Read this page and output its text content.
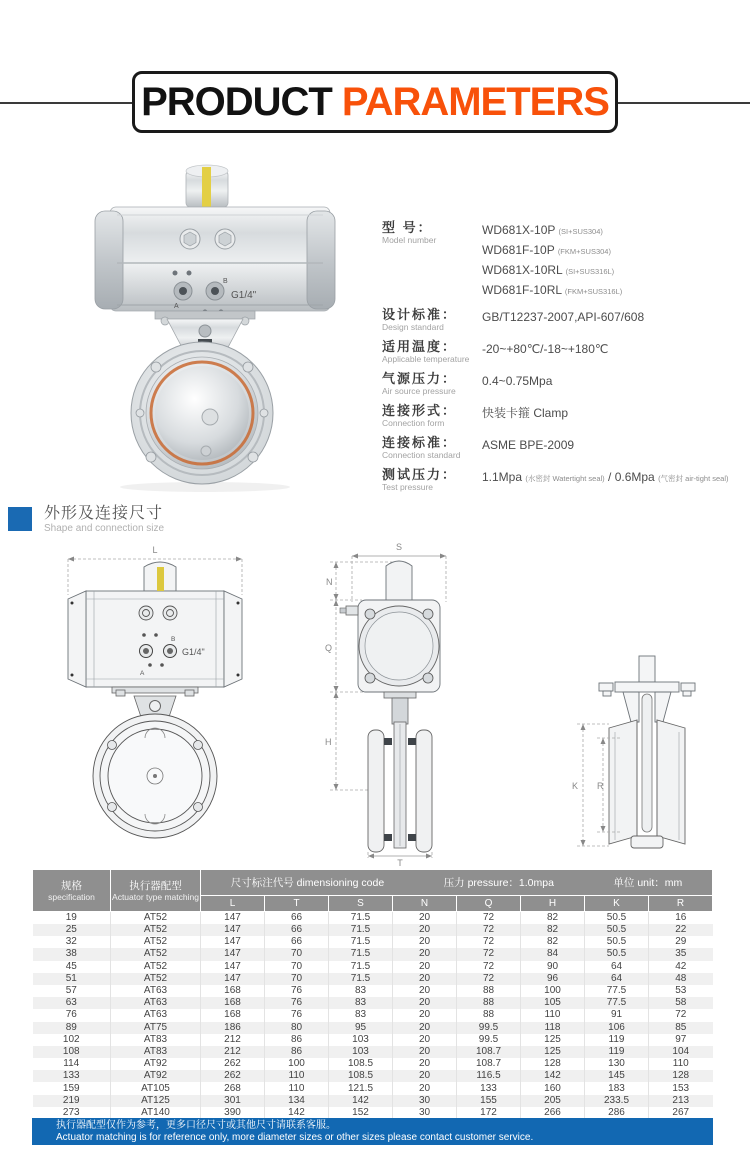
PRODUCT PARAMETERS
B
A
G1/4"
型 号：
Model number
WD681X-10P (SI+SUS304)
WD681F-10P (FKM+SUS304)
WD681X-10RL (SI+SUS316L)
WD681F-10RL (FKM+SUS316L)
设计标准：
Design standard
GB/T12237-2007,API-607/608
适用温度：
Applicable temperature
-20~+80℃/-18~+180℃
气源压力：
Air source pressure
0.4~0.75Mpa
连接形式：
Connection form
快装卡箍 Clamp
连接标准：
Connection standard
ASME BPE-2009
测试压力：
Test pressure
1.1Mpa (水密封 Watertight seal) / 0.6Mpa (气密封 air-tight seal)
外形及连接尺寸
Shape and connection size
L
B
A
G1/4"
S
N
Q
H
T
K R
规格
specification

执行器配型
Actuator type matching

尺寸标注代号 dimensioning code	压力 pressure：1.0mpa	单位 unit：mm

		L	T	S	N	Q	H	K	R
19	AT52	147	66	71.5	20	72	82	50.5	16
25	AT52	147	66	71.5	20	72	82	50.5	22
32	AT52	147	66	71.5	20	72	82	50.5	29
38	AT52	147	70	71.5	20	72	84	50.5	35
45	AT52	147	70	71.5	20	72	90	64	42
51	AT52	147	70	71.5	20	72	96	64	48
57	AT63	168	76	83	20	88	100	77.5	53
63	AT63	168	76	83	20	88	105	77.5	58
76	AT63	168	76	83	20	88	110	91	72
89	AT75	186	80	95	20	99.5	118	106	85
102	AT83	212	86	103	20	99.5	125	119	97
108	AT83	212	86	103	20	108.7	125	119	104
114	AT92	262	100	108.5	20	108.7	128	130	110
133	AT92	262	110	108.5	20	116.5	142	145	128
159	AT105	268	110	121.5	20	133	160	183	153
219	AT125	301	134	142	30	155	205	233.5	213
273	AT140	390	142	152	30	172	266	286	267
执行器配型仅作为参考，更多口径尺寸或其他尺寸请联系客服。
Actuator matching is for reference only, more diameter sizes or other sizes please contact customer service.
